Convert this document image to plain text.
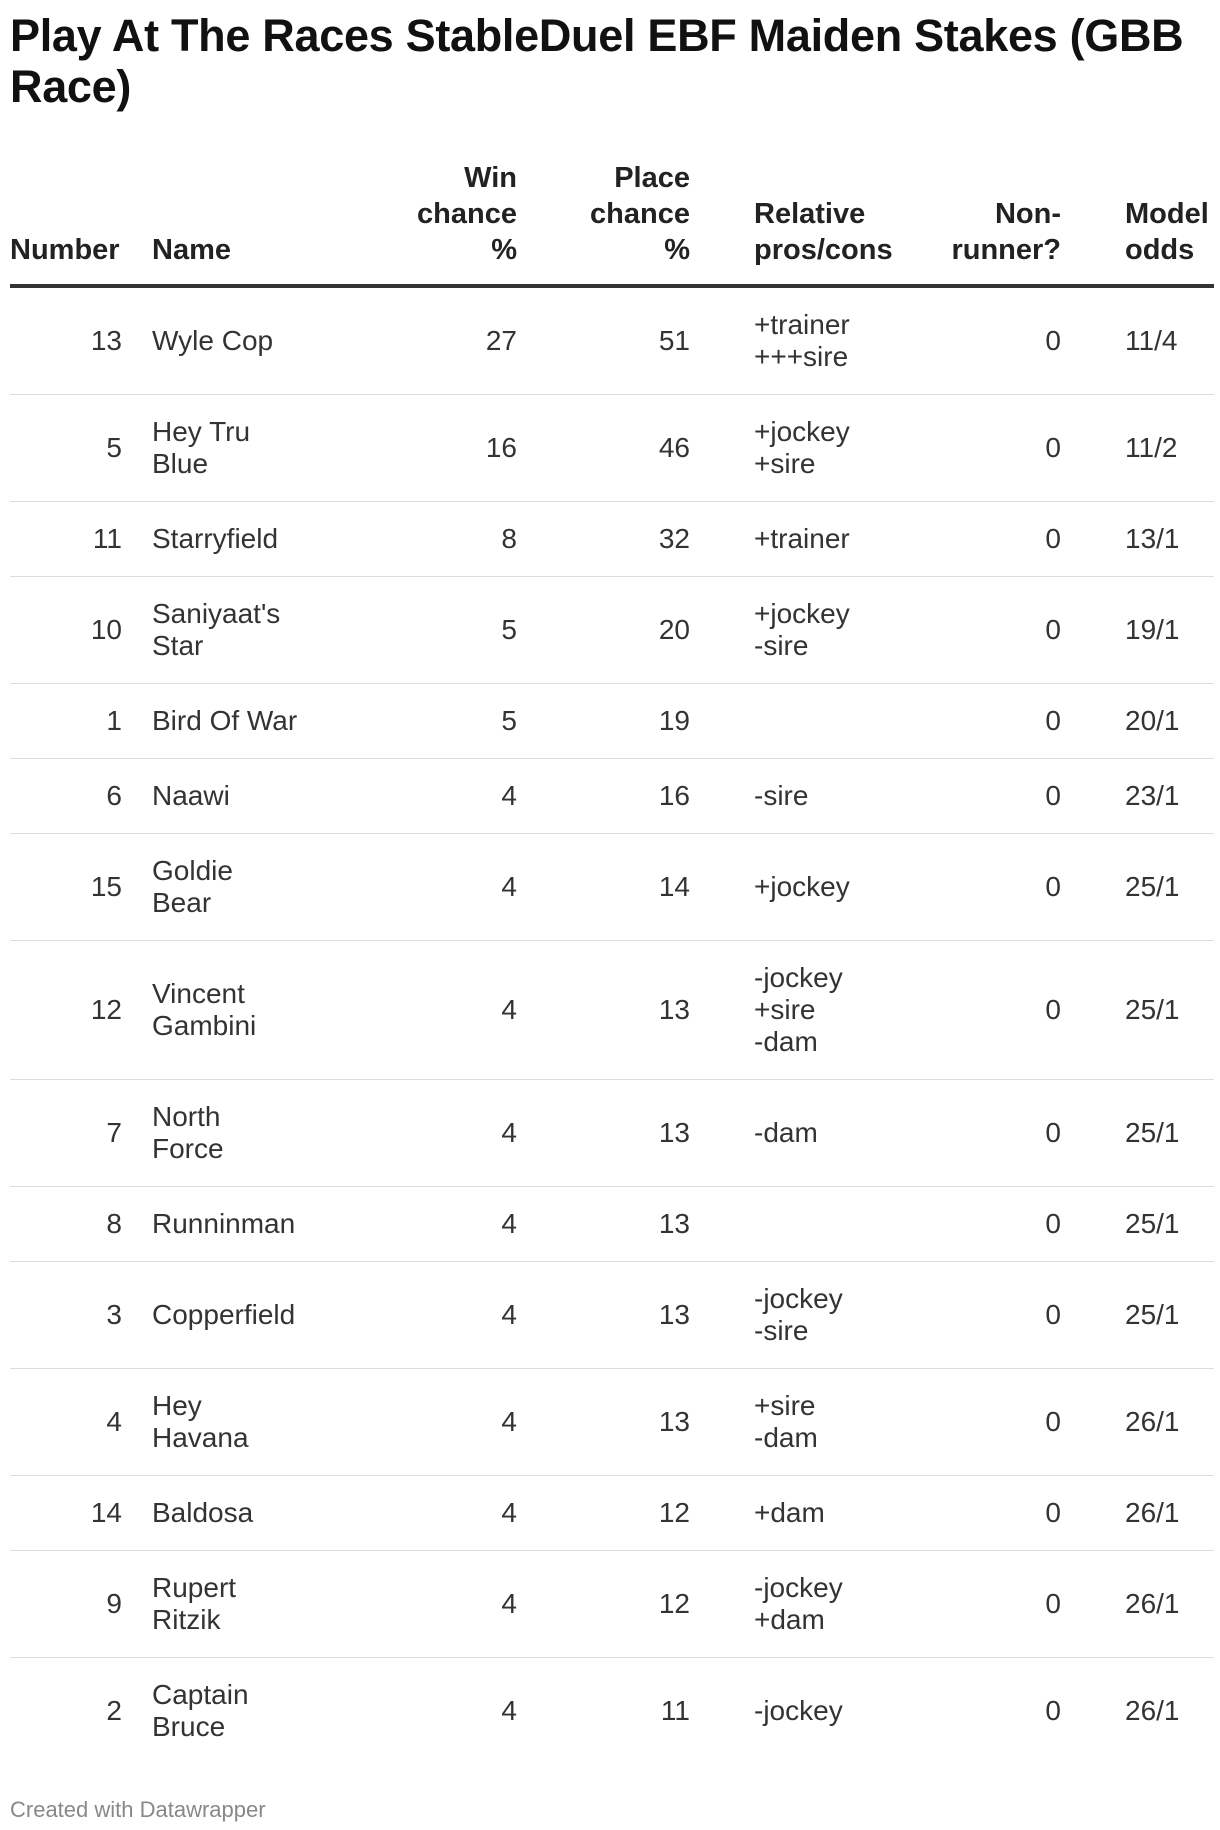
Play At The Races StableDuel EBF Maiden Stakes (GBB Race)
Number	Name	Win
chance
%	Place
chance
%	Relative
pros/cons	Non-
runner?	Model
odds
13	Wyle Cop	27	51	+trainer
+++sire	0	11/4
5	Hey Tru
Blue	16	46	+jockey
+sire	0	11/2
11	Starryfield	8	32	+trainer	0	13/1
10	Saniyaat's
Star	5	20	+jockey
-sire	0	19/1
1	Bird Of War	5	19		0	20/1
6	Naawi	4	16	-sire	0	23/1
15	Goldie
Bear	4	14	+jockey	0	25/1
12	Vincent
Gambini	4	13	-jockey
+sire
-dam	0	25/1
7	North
Force	4	13	-dam	0	25/1
8	Runninman	4	13		0	25/1
3	Copperfield	4	13	-jockey
-sire	0	25/1
4	Hey
Havana	4	13	+sire
-dam	0	26/1
14	Baldosa	4	12	+dam	0	26/1
9	Rupert
Ritzik	4	12	-jockey
+dam	0	26/1
2	Captain
Bruce	4	11	-jockey	0	26/1
Created with Datawrapper
